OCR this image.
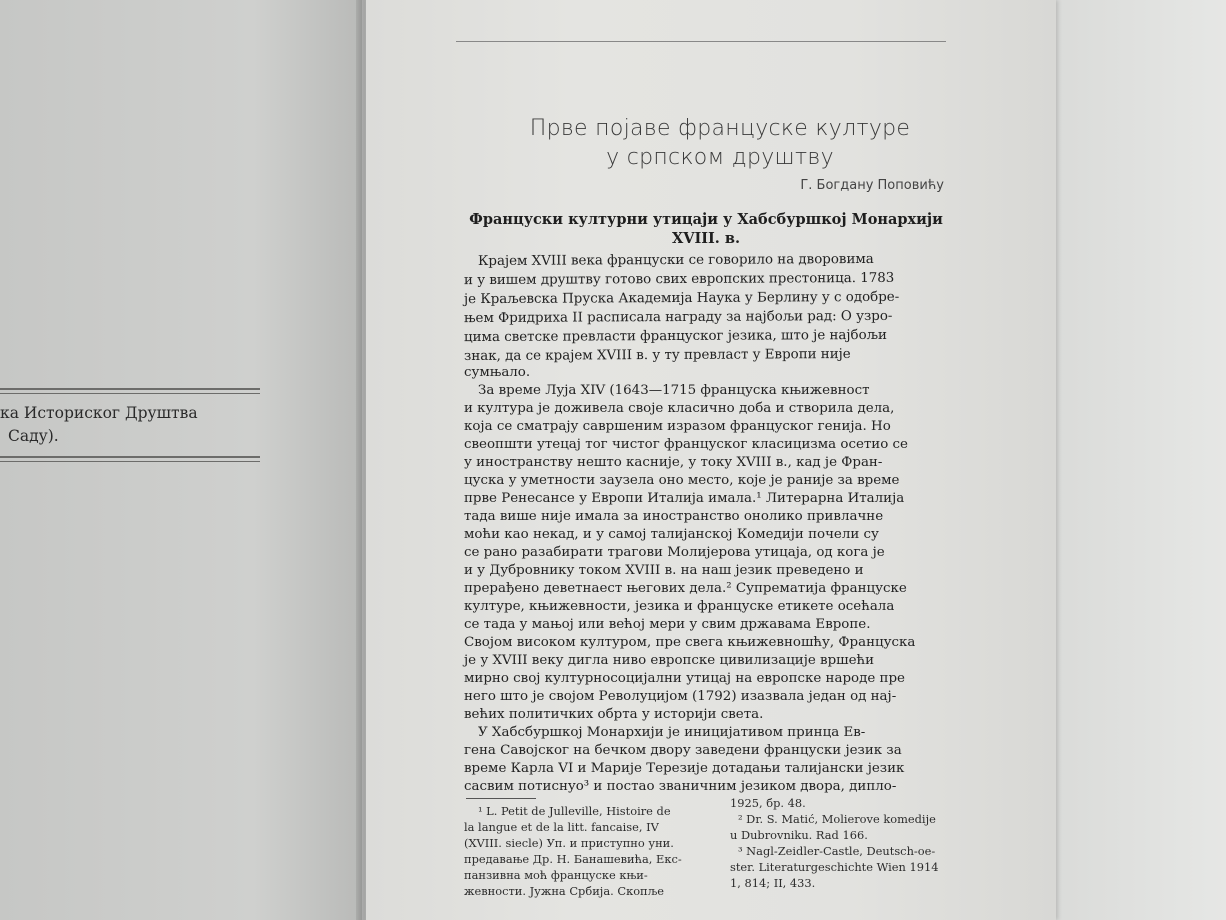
ка Историског Друштва
Саду).
Прве појаве француске културе
у српском друштву
Г. Богдану Поповићу
Француски културни утицаји у Хабсбуршкој Монархији
XVIII. в.
Крајем XVIII века француски се говорило на дворовима
и у вишем друштву готово свих европских престоница. 1783
је Краљевска Пруска Академија Наука у Берлину у с одобре-
њем Фридриха II расписала награду за најбољи рад: О узро-
цима светске превласти француског језика, што је најбољи
знак, да се крајем XVIII в. у ту превласт у Европи није
сумњало.
За време Луја XIV (1643—1715 француска књижевност
и култура је доживела своје класично доба и створила дела,
која се сматрају савршеним изразом француског генија. Но
свеопшти утецај тог чистог француског класицизма осетио се
у иностранству нешто касније, у току XVIII в., кад је Фран-
цуска у уметности заузела оно место, које је раније за време
прве Ренесансе у Европи Италија имала.¹ Литерарна Италија
тада више није имала за иностранство онолико привлачне
моћи као некад, и у самој талијанској Комедији почели су
се рано разабирати трагови Молијерова утицаја, од кога је
и у Дубровнику током XVIII в. на наш језик преведено и
прерађено деветнаест његових дела.² Супрематија француске
културе, књижевности, језика и француске етикете осећала
се тада у мањој или већој мери у свим државама Европе.
Својом високом културом, пре свега књижевношћу, Француска
је у XVIII веку дигла ниво европске цивилизације вршећи
мирно свој културносоцијални утицај на европске народе пре
него што је својом Револуцијом (1792) изазвала један од нај-
већих политичких обрта у историји света.
У Хабсбуршкој Монархији је иницијативом принца Ев-
гена Савојског на бечком двору заведени француски језик за
време Карла VI и Марије Терезије дотадањи талијански језик
сасвим потиснуо³ и постао званичним језиком двора, дипло-
¹ L. Petit de Julleville, Histoire de
la langue et de la litt. fancaise, IV
(XVIII. siecle) Уп. и приступно уни.
предавање Др. Н. Банашевића, Екс-
панзивна моћ француске књи-
жевности. Јужна Србија. Скопље
1925, бр. 48.
² Dr. S. Matić, Molierove komedije
u Dubrovniku. Rad 166.
³ Nagl-Zeidler-Castle, Deutsch-oe-
ster. Literaturgeschichte Wien 1914
1, 814; II, 433.
